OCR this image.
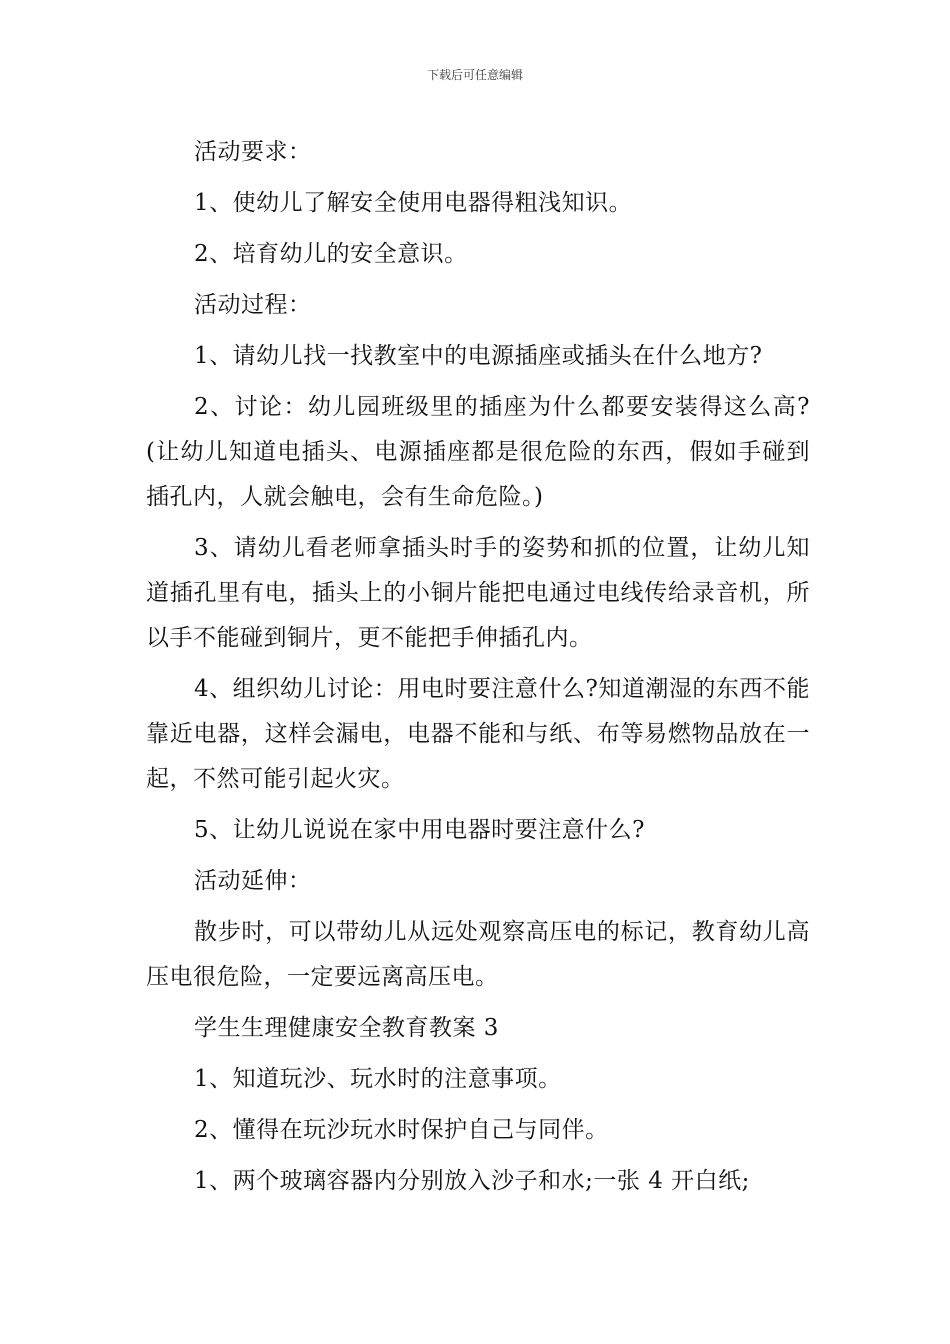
下载后可任意编辑

活动要求：

1、使幼儿了解安全使用电器得粗浅知识。

2、培育幼儿的安全意识。

活动过程：

1、请幼儿找一找教室中的电源插座或插头在什么地方?

2、讨论：幼儿园班级里的插座为什么都要安装得这么高?(让幼儿知道电插头、电源插座都是很危险的东西，假如手碰到插孔内，人就会触电，会有生命危险。)

3、请幼儿看老师拿插头时手的姿势和抓的位置，让幼儿知道插孔里有电，插头上的小铜片能把电通过电线传给录音机，所以手不能碰到铜片，更不能把手伸插孔内。

4、组织幼儿讨论：用电时要注意什么?知道潮湿的东西不能靠近电器，这样会漏电，电器不能和与纸、布等易燃物品放在一起，不然可能引起火灾。

5、让幼儿说说在家中用电器时要注意什么?

活动延伸：

散步时，可以带幼儿从远处观察高压电的标记，教育幼儿高压电很危险，一定要远离高压电。

学生生理健康安全教育教案 3

1、知道玩沙、玩水时的注意事项。

2、懂得在玩沙玩水时保护自己与同伴。

1、两个玻璃容器内分别放入沙子和水;一张 4 开白纸;
